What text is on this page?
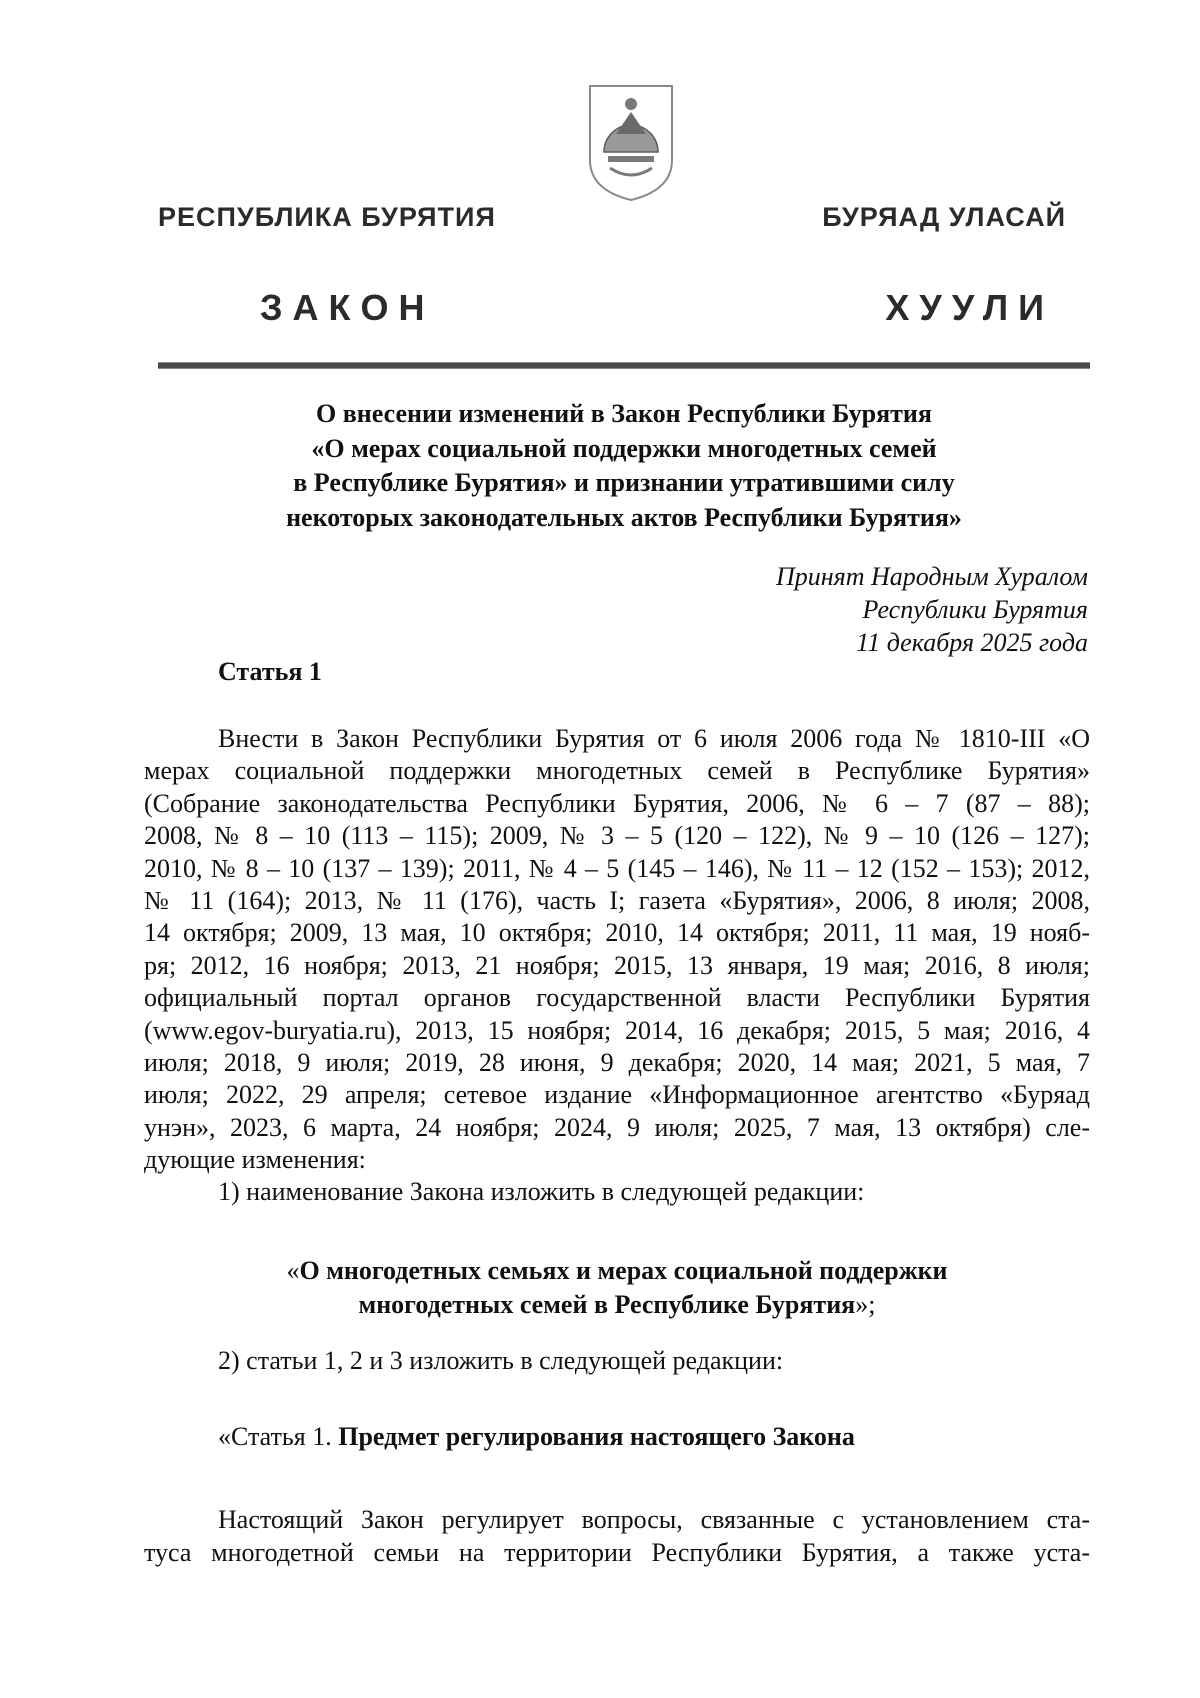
РЕСПУБЛИКА БУРЯТИЯ	БУРЯАД УЛАСАЙ
ЗАКОН	ХУУЛИ
О внесении изменений в Закон Республики Бурятия
«О мерах социальной поддержки многодетных семей
в Республике Бурятия» и признании утратившими силу
некоторых законодательных актов Республики Бурятия»
Принят Народным Хуралом
Республики Бурятия
11 декабря 2025 года
Статья 1
Внести в Закон Республики Бурятия от 6 июля 2006 года № 1810-III «О
мерах социальной поддержки многодетных семей в Республике Бурятия»
(Собрание законодательства Республики Бурятия, 2006, № 6 – 7 (87 – 88);
2008, № 8 – 10 (113 – 115); 2009, № 3 – 5 (120 – 122), № 9 – 10 (126 – 127);
2010, № 8 – 10 (137 – 139); 2011, № 4 – 5 (145 – 146), № 11 – 12 (152 – 153); 2012,
№ 11 (164); 2013, № 11 (176), часть I; газета «Бурятия», 2006, 8 июля; 2008,
14 октября; 2009, 13 мая, 10 октября; 2010, 14 октября; 2011, 11 мая, 19 нояб-
ря; 2012, 16 ноября; 2013, 21 ноября; 2015, 13 января, 19 мая; 2016, 8 июля;
официальный портал органов государственной власти Республики Бурятия
(www.egov-buryatia.ru), 2013, 15 ноября; 2014, 16 декабря; 2015, 5 мая; 2016, 4
июля; 2018, 9 июля; 2019, 28 июня, 9 декабря; 2020, 14 мая; 2021, 5 мая, 7
июля; 2022, 29 апреля; сетевое издание «Информационное агентство «Буряад
унэн», 2023, 6 марта, 24 ноября; 2024, 9 июля; 2025, 7 мая, 13 октября) сле-
дующие изменения:
1) наименование Закона изложить в следующей редакции:
«О многодетных семьях и мерах социальной поддержки
многодетных семей в Республике Бурятия»;
2) статьи 1, 2 и 3 изложить в следующей редакции:
«Статья 1. Предмет регулирования настоящего Закона
Настоящий Закон регулирует вопросы, связанные с установлением ста-
туса многодетной семьи на территории Республики Бурятия, а также уста-
